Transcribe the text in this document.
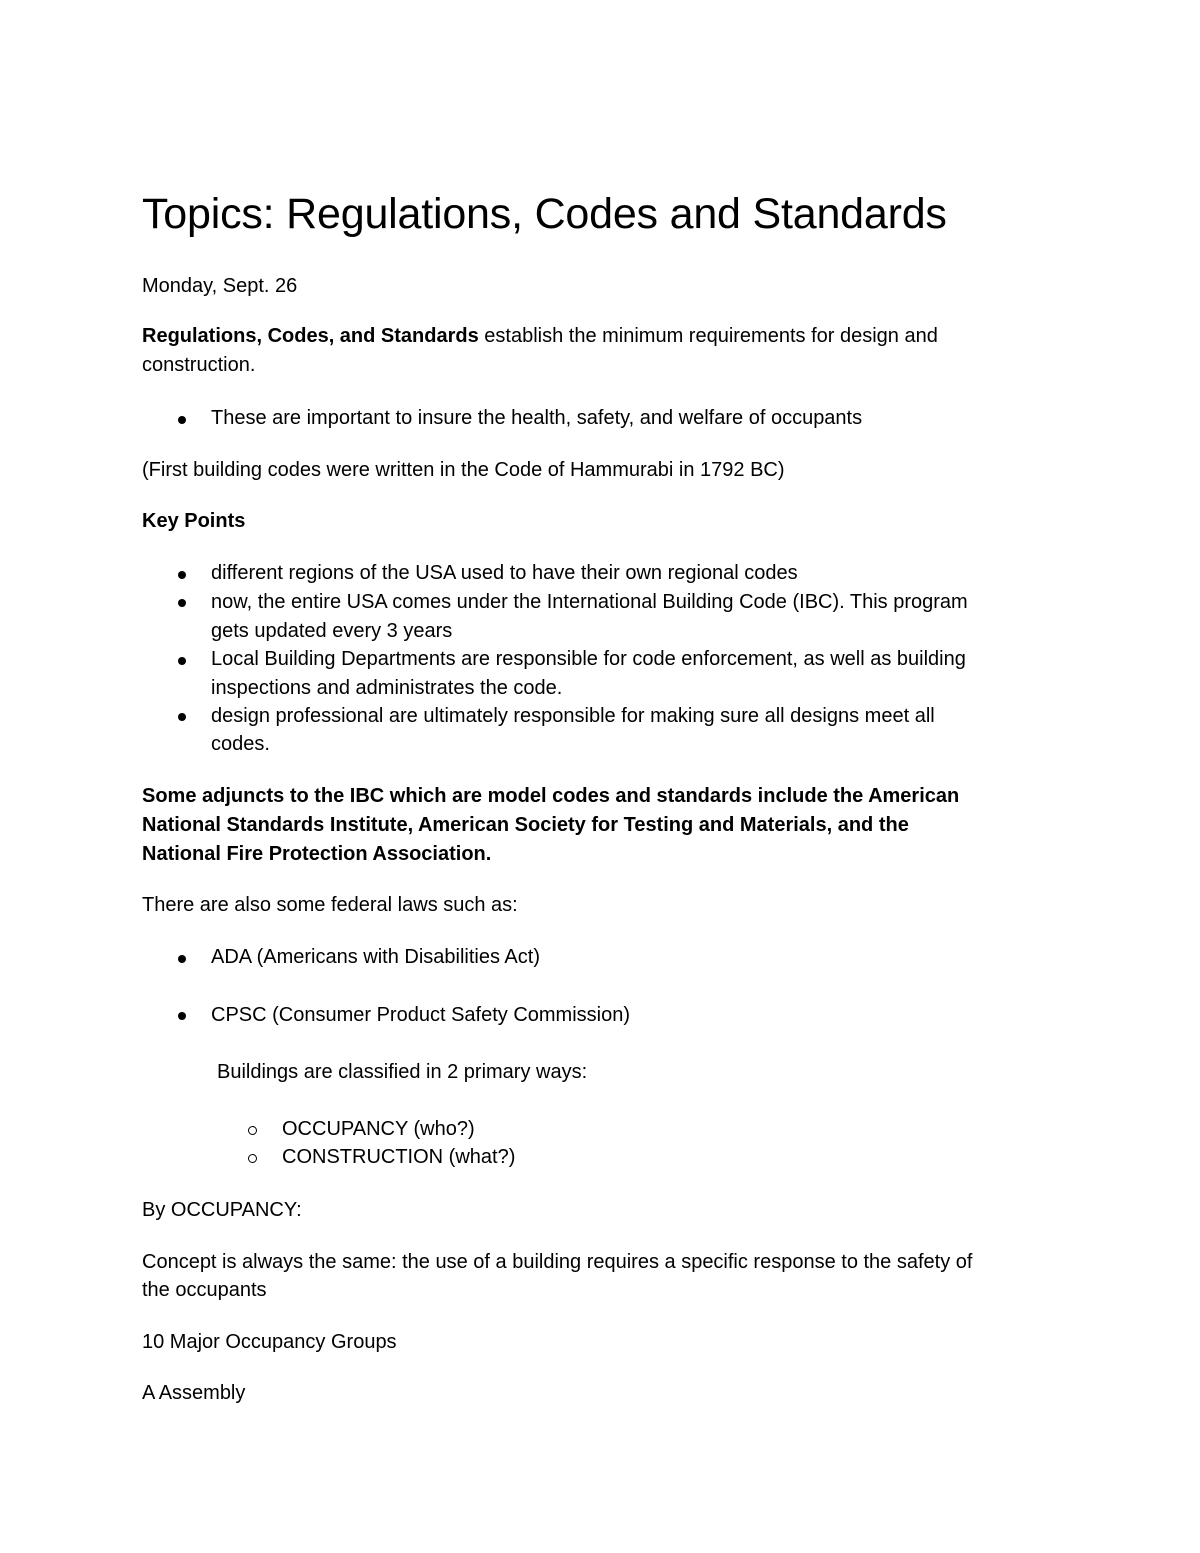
Topics: Regulations, Codes and Standards

Monday, Sept. 26

Regulations, Codes, and Standards establish the minimum requirements for design and

construction.

These are important to insure the health, safety, and welfare of occupants

(First building codes were written in the Code of Hammurabi in 1792 BC)

Key Points

different regions of the USA used to have their own regional codes

now, the entire USA comes under the International Building Code (IBC). This program

gets updated every 3 years

Local Building Departments are responsible for code enforcement, as well as building

inspections and administrates the code.

design professional are ultimately responsible for making sure all designs meet all

codes.

Some adjuncts to the IBC which are model codes and standards include the American

National Standards Institute, American Society for Testing and Materials, and the

National Fire Protection Association.

There are also some federal laws such as:

ADA (Americans with Disabilities Act)

CPSC (Consumer Product Safety Commission)

Buildings are classified in 2 primary ways:

OCCUPANCY (who?)

CONSTRUCTION (what?)

By OCCUPANCY:

Concept is always the same: the use of a building requires a specific response to the safety of

the occupants

10 Major Occupancy Groups

A Assembly
